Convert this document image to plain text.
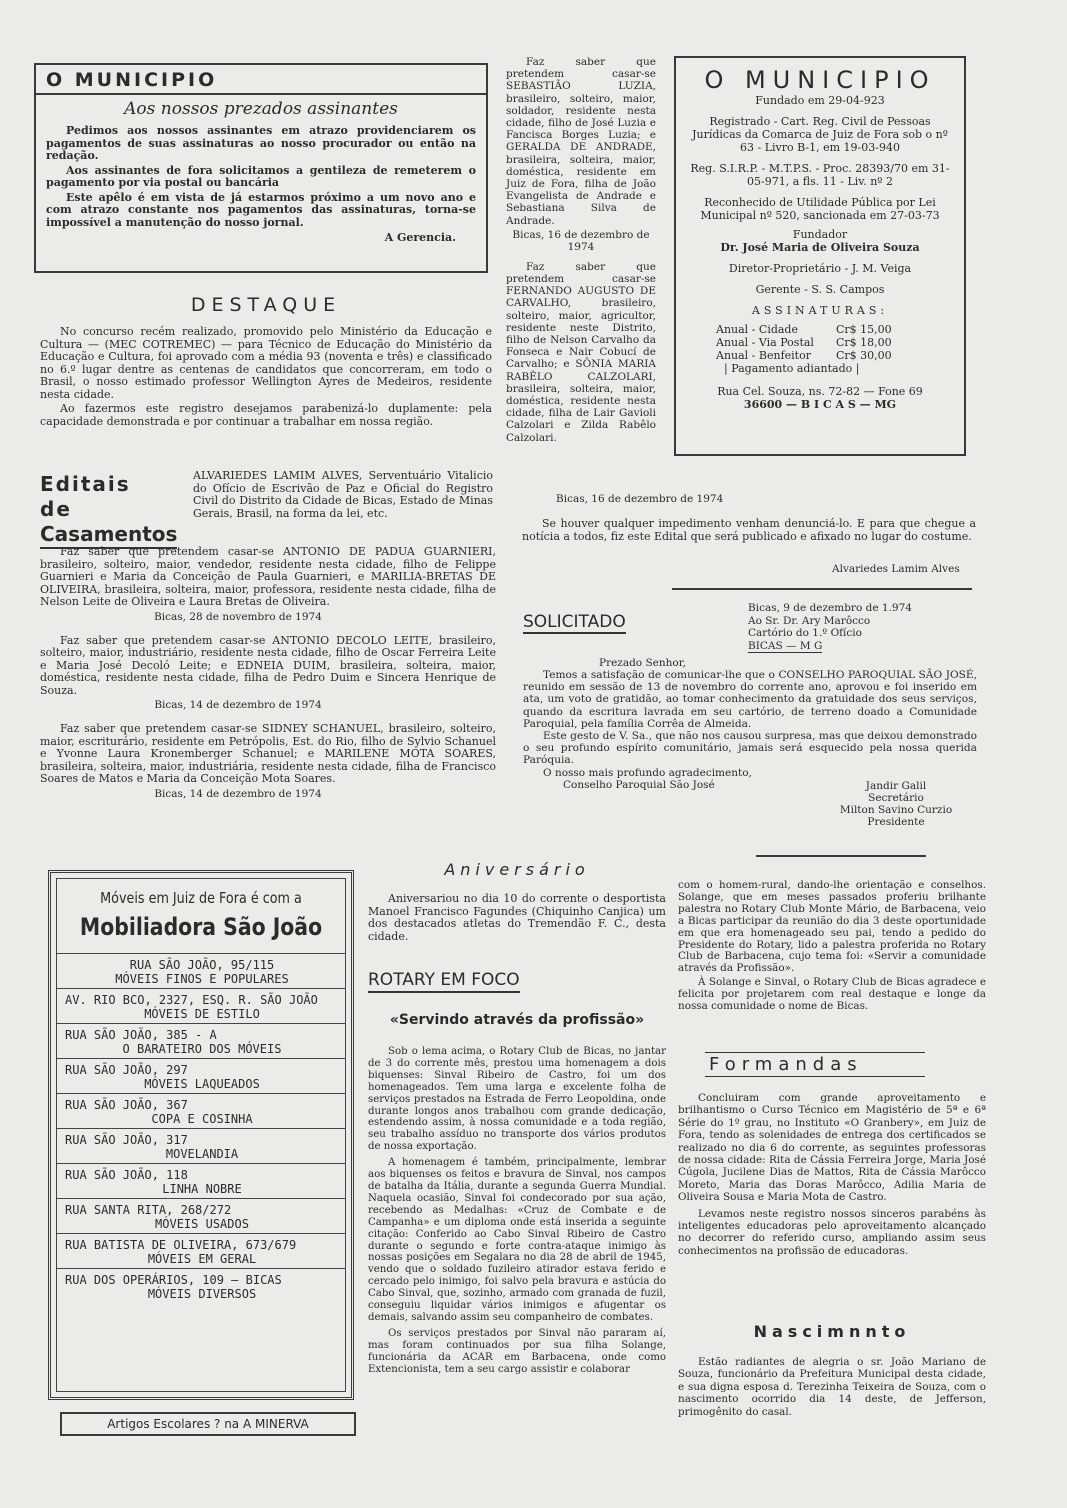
O MUNICIPIO
Aos nossos prezados assinantes

Pedimos aos nossos assinantes em atrazo providenciarem os pagamentos de suas assinaturas ao nosso procurador ou então na redação.

Aos assinantes de fora solicitamos a gentileza de remeterem o pagamento por via postal ou bancária

Este apêlo é em vista de já estarmos próximo a um novo ano e com atrazo constante nos pagamentos das assinaturas, torna-se impossível a manutenção do nosso jornal.

A Gerencia.
DESTAQUE

No concurso recém realizado, promovido pelo Ministério da Educação e Cultura — (MEC COTREMEC) — para Técnico de Educação do Ministério da Educação e Cultura, foi aprovado com a média 93 (noventa e três) e classificado no 6.º lugar dentre as centenas de candidatos que concorreram, em todo o Brasil, o nosso estimado professor Wellington Ayres de Medeiros, residente nesta cidade.

Ao fazermos este registro desejamos parabenizá-lo duplamente: pela capacidade demonstrada e por continuar a trabalhar em nossa região.

Editais de
Casamentos

ALVARIEDES LAMIM ALVES, Serventuário Vitalicio do Ofício de Escrivão de Paz e Oficial do Registro Civil do Distrito da Cidade de Bicas, Estado de Minas Gerais, Brasil, na forma da lei, etc.

Faz saber que pretendem casar-se ANTONIO DE PADUA GUARNIERI, brasileiro, solteiro, maior, vendedor, residente nesta cidade, filho de Felippe Guarnieri e Maria da Conceição de Paula Guarnieri, e MARILIA-BRETAS DE OLIVEIRA, brasileira, solteira, maior, professora, residente nesta cidade, filha de Nelson Leite de Oliveira e Laura Bretas de Oliveira.

Bicas, 28 de novembro de 1974

Faz saber que pretendem casar-se ANTONIO DECOLO LEITE, brasileiro, solteiro, maior, industriário, residente nesta cidade, filho de Oscar Ferreira Leite e Maria José Decoló Leite; e EDNEIA DUIM, brasileira, solteira, maior, doméstica, residente nesta cidade, filha de Pedro Duim e Sincera Henrique de Souza.

Bicas, 14 de dezembro de 1974

Faz saber que pretendem casar-se SIDNEY SCHANUEL, brasileiro, solteiro, maior, escriturário, residente em Petrópolis, Est. do Rio, filho de Sylvio Schanuel e Yvonne Laura Kronemberger Schanuel; e MARILENE MOTA SOARES, brasileira, solteira, maior, industriária, residente nesta cidade, filha de Francisco Soares de Matos e Maria da Conceição Mota Soares.

Bicas, 14 de dezembro de 1974

Faz saber que pretendem casar-se SEBASTIÃO LUZIA, brasileiro, solteiro, maior, soldador, residente nesta cidade, filho de José Luzia e Fancisca Borges Luzia; e GERALDA DE ANDRADE, brasileira, solteira, maior, doméstica, residente em Juiz de Fora, filha de João Evangelista de Andrade e Sebastiana Silva de Andrade.

Bicas, 16 de dezembro de 1974

Faz saber que pretendem casar-se FERNANDO AUGUSTO DE CARVALHO, brasileiro, solteiro, maior, agricultor, residente neste Distrito, filho de Nelson Carvalho da Fonseca e Nair Cobucí de Carvalho; e SÔNIA MARIA RABÊLO CALZOLARI, brasileira, solteira, maior, doméstica, residente nesta cidade, filha de Lair Gavioli Calzolari e Zilda Rabêlo Calzolari.

Bicas, 16 de dezembro de 1974

Se houver qualquer impedimento venham denunciá-lo. E para que chegue a notícia a todos, fiz este Edital que será publicado e afixado no lugar do costume.

Alvariedes Lamim Alves
O MUNICIPIO
Fundado em 29-04-923
Registrado - Cart. Reg. Civil de Pessoas Jurídicas da Comarca de Juiz de Fora sob o nº 63 - Livro B-1, em 19-03-940
Reg. S.I.R.P. - M.T.P.S. - Proc. 28393/70 em 31-05-971, a fls. 11 - Liv. nº 2
Reconhecido de Utilidade Pública por Lei Municipal nº 520, sancionada em 27-03-73
Fundador
Dr. José Maria de Oliveira Souza
Diretor-Proprietário - J. M. Veiga
Gerente - S. S. Campos
ASSINATURAS:
Anual - Cidade	Cr$ 15,00
Anual - Via Postal	Cr$ 18,00
Anual - Benfeitor	Cr$ 30,00
| Pagamento adiantado |
Rua Cel. Souza, ns. 72-82 — Fone 69
36600 — B I C A S — MG
SOLICITADO
Bicas, 9 de dezembro de 1.974
Ao Sr. Dr. Ary Marôcco
Cartório do 1.º Ofício
BICAS — M G
Prezado Senhor,

Temos a satisfação de comunicar-lhe que o CONSELHO PAROQUIAL SÃO JOSÉ, reunido em sessão de 13 de novembro do corrente ano, aprovou e foi inserido em ata, um voto de gratidão, ao tomar conhecimento da gratuidade dos seus serviços, quando da escritura lavrada em seu cartório, de terreno doado a Comunidade Paroquial, pela família Corrêa de Almeida.

Este gesto de V. Sa., que não nos causou surpresa, mas que deixou demonstrado o seu profundo espírito comunitário, jamais será esquecido pela nossa querida Paróquia.

O nosso mais profundo agradecimento,
Conselho Paroquial São José	Jandir Galil
Secretário
Milton Savino Curzio
Presidente
Móveis em Juiz de Fora é com a
Mobiliadora São João
RUA SÃO JOÃO, 95/115
MÓVEIS FINOS E POPULARES
AV. RIO BCO, 2327, ESQ. R. SÃO JOÃO
MÓVEIS DE ESTILO
RUA SÃO JOÃO, 385 - A
O BARATEIRO DOS MÓVEIS
RUA SÃO JOÃO, 297
MÓVEIS LAQUEADOS
RUA SÃO JOÃO, 367
COPA E COSINHA
RUA SÃO JOÃO, 317
MOVELANDIA
RUA SÃO JOÃO, 118
LINHA NOBRE
RUA SANTA RITA, 268/272
MÓVEIS USADOS
RUA BATISTA DE OLIVEIRA, 673/679
MÓVEIS EM GERAL
RUA DOS OPERÁRIOS, 109 — BICAS
MÓVEIS DIVERSOS
Artigos Escolares ? na A MINERVA
Aniversário

Aniversariou no dia 10 do corrente o desportista Manoel Francisco Fagundes (Chiquinho Canjica) um dos destacados atletas do Tremendão F. C., desta cidade.

ROTARY EM FOCO
«Servindo através da profissão»

Sob o lema acima, o Rotary Club de Bicas, no jantar de 3 do corrente mês, prestou uma homenagem a dois biquenses: Sinval Ribeiro de Castro, foi um dos homenageados. Tem uma larga e excelente folha de serviços prestados na Estrada de Ferro Leopoldina, onde durante longos anos trabalhou com grande dedicação, estendendo assim, à nossa comunidade e a toda região, seu trabalho assíduo no transporte dos vários produtos de nossa exportação.

A homenagem é também, principalmente, lembrar aos biquenses os feitos e bravura de Sinval, nos campos de batalha da Itália, durante a segunda Guerra Mundial. Naquela ocasião, Sinval foi condecorado por sua ação, recebendo as Medalhas: «Cruz de Combate e de Campanha» e um diploma onde está inserida a seguinte citação: Conferido ao Cabo Sinval Ribeiro de Castro durante o segundo e forte contra-ataque inimigo às nossas posições em Segalara no dia 28 de abril de 1945, vendo que o soldado fuzileiro atirador estava ferido e cercado pelo inimigo, foi salvo pela bravura e astúcia do Cabo Sinval, que, sozinho, armado com granada de fuzil, conseguiu liquidar vários inimigos e afugentar os demais, salvando assim seu companheiro de combates.

Os serviços prestados por Sinval não pararam aí, mas foram continuados por sua filha Solange, funcionária da ACAR em Barbacena, onde como Extencionista, tem a seu cargo assistir e colaborar

com o homem-rural, dando-lhe orientação e conselhos. Solange, que em meses passados proferiu brilhante palestra no Rotary Club Monte Mário, de Barbacena, veio a Bicas participar da reunião do dia 3 deste oportunidade em que era homenageado seu pai, tendo a pedido do Presidente do Rotary, lido a palestra proferida no Rotary Club de Barbacena, cujo tema foi: «Servir a comunidade através da Profissão».

À Solange e Sinval, o Rotary Club de Bicas agradece e felicita por projetarem com real destaque e longe da nossa comunidade o nome de Bicas.

Formandas

Concluiram com grande aproveitamento e brilhantismo o Curso Técnico em Magistério de 5ª e 6ª Série do 1º grau, no Instituto «O Granbery», em Juiz de Fora, tendo as solenidades de entrega dos certificados se realizado no dia 6 do corrente, as seguintes professoras de nossa cidade: Rita de Cássia Ferreira Jorge, Maria José Cúgola, Jucilene Dias de Mattos, Rita de Cássia Marôcco Moreto, Maria das Doras Marôcco, Adilia Maria de Oliveira Sousa e Maria Mota de Castro.

Levamos neste registro nossos sinceros parabéns às inteligentes educadoras pelo aproveitamento alcançado no decorrer do referido curso, ampliando assim seus conhecimentos na profissão de educadoras.

Nascimnnto

Estão radiantes de alegria o sr. João Mariano de Souza, funcionário da Prefeitura Municipal desta cidade, e sua digna esposa d. Terezinha Teixeira de Souza, com o nascimento ocorrido dia 14 deste, de Jefferson, primogênito do casal.
